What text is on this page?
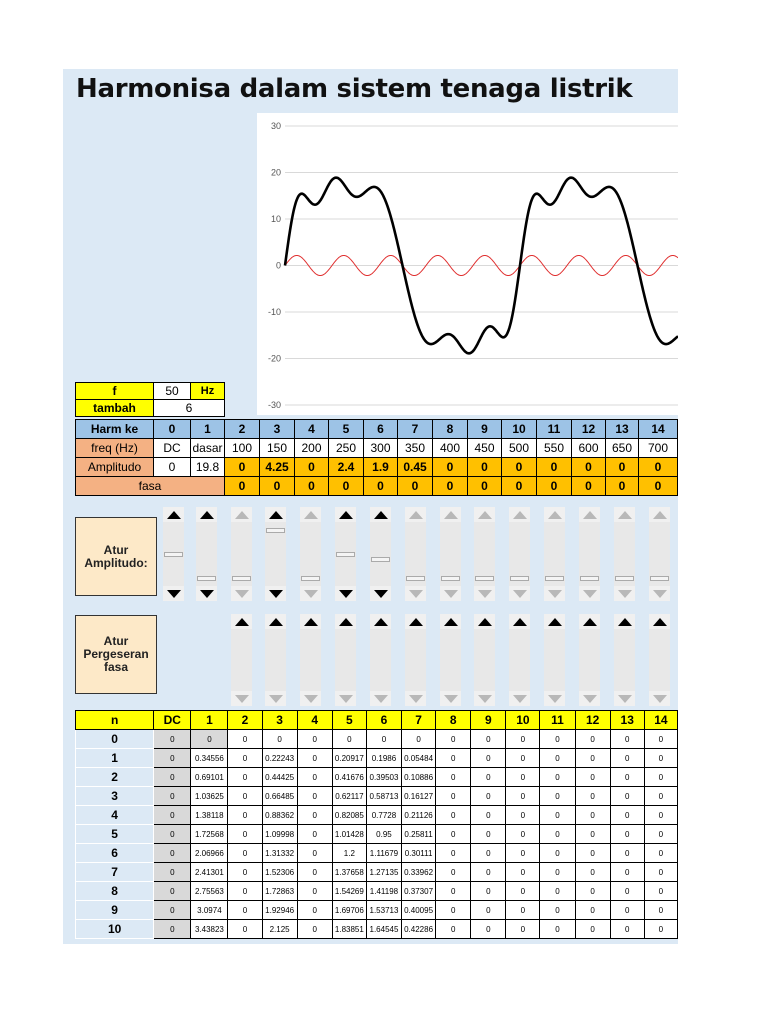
Harmonisa dalam sistem tenaga listrik
30
20
10
0
-10
-20
-30
f	50	Hz
tambah	6	
Harm ke	0	1	2	3	4	5	6	7	8	9	10	11	12	13	14
freq (Hz)	DC	dasar	100	150	200	250	300	350	400	450	500	550	600	650	700
Amplitudo	0	19.8	0	4.25	0	2.4	1.9	0.45	0	0	0	0	0	0	0
fasa			0	0	0	0	0	0	0	0	0	0	0	0	0
Atur
Amplitudo:
Atur
Pergeseran
fasa
n	DC	1	2	3	4	5	6	7	8	9	10	11	12	13	14
0	0	0	0	0	0	0	0	0	0	0	0	0	0	0	0
1	0	0.34556	0	0.22243	0	0.20917	0.1986	0.05484	0	0	0	0	0	0	0
2	0	0.69101	0	0.44425	0	0.41676	0.39503	0.10886	0	0	0	0	0	0	0
3	0	1.03625	0	0.66485	0	0.62117	0.58713	0.16127	0	0	0	0	0	0	0
4	0	1.38118	0	0.88362	0	0.82085	0.7728	0.21126	0	0	0	0	0	0	0
5	0	1.72568	0	1.09998	0	1.01428	0.95	0.25811	0	0	0	0	0	0	0
6	0	2.06966	0	1.31332	0	1.2	1.11679	0.30111	0	0	0	0	0	0	0
7	0	2.41301	0	1.52306	0	1.37658	1.27135	0.33962	0	0	0	0	0	0	0
8	0	2.75563	0	1.72863	0	1.54269	1.41198	0.37307	0	0	0	0	0	0	0
9	0	3.0974	0	1.92946	0	1.69706	1.53713	0.40095	0	0	0	0	0	0	0
10	0	3.43823	0	2.125	0	1.83851	1.64545	0.42286	0	0	0	0	0	0	0
